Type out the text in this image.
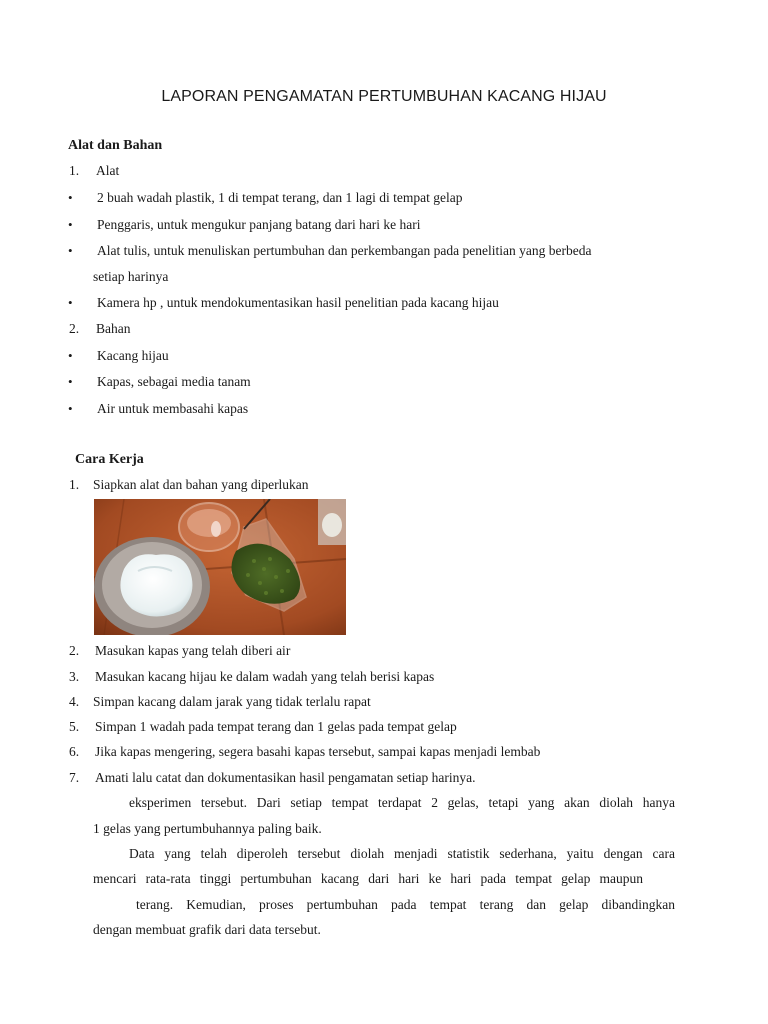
LAPORAN PENGAMATAN PERTUMBUHAN KACANG HIJAU
Alat dan Bahan
1. Alat
• 2 buah wadah plastik, 1 di tempat terang, dan 1 lagi di tempat gelap
• Penggaris, untuk mengukur panjang batang dari hari ke hari
• Alat tulis, untuk menuliskan pertumbuhan dan perkembangan pada penelitian yang berbeda
setiap harinya
• Kamera hp , untuk mendokumentasikan hasil penelitian pada kacang hijau
2. Bahan
• Kacang hijau
• Kapas, sebagai media tanam
• Air untuk membasahi kapas
Cara Kerja
1. Siapkan alat dan bahan yang diperlukan
2. Masukan kapas yang telah diberi air
3. Masukan kacang hijau ke dalam wadah yang telah berisi kapas
4. Simpan kacang dalam jarak yang tidak terlalu rapat
5. Simpan 1 wadah pada tempat terang dan 1 gelas pada tempat gelap
6. Jika kapas mengering, segera basahi kapas tersebut, sampai kapas menjadi lembab
7. Amati lalu catat dan dokumentasikan hasil pengamatan setiap harinya.
eksperimen tersebut. Dari setiap tempat terdapat 2 gelas, tetapi yang akan diolah hanya
1 gelas yang pertumbuhannya paling baik.
Data yang telah diperoleh tersebut diolah menjadi statistik sederhana, yaitu dengan cara
mencari rata-rata tinggi pertumbuhan kacang dari hari ke hari pada tempat gelap maupun
terang. Kemudian, proses pertumbuhan pada tempat terang dan gelap dibandingkan
dengan membuat grafik dari data tersebut.
